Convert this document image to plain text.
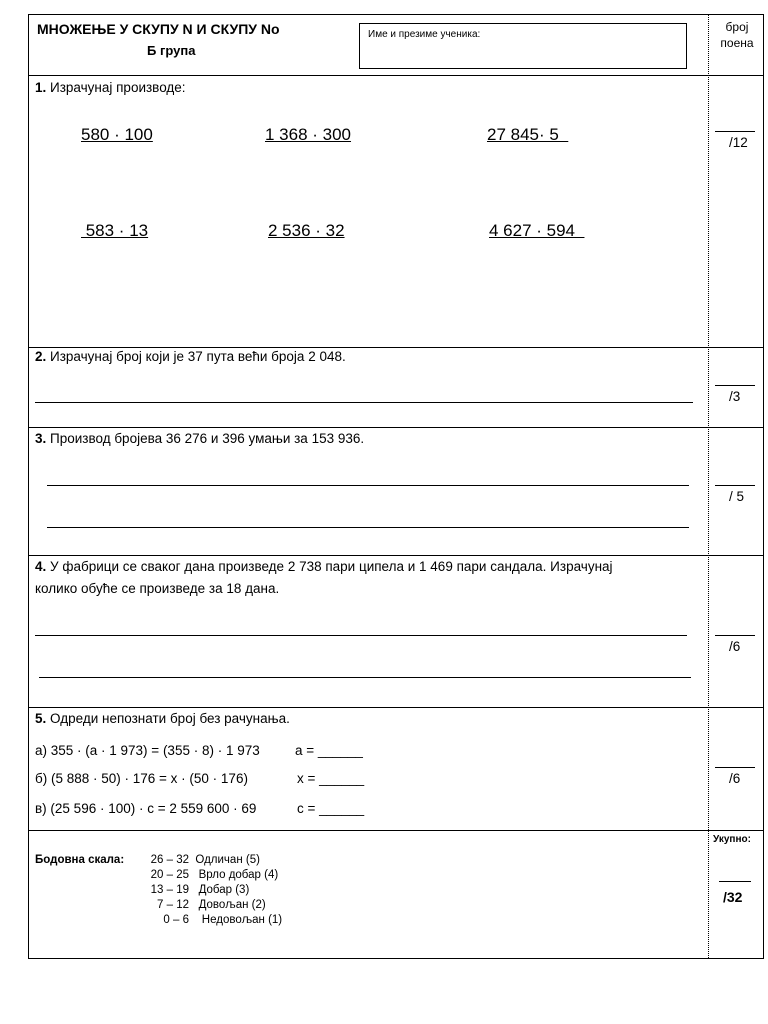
МНОЖЕЊЕ У СКУПУ N И СКУПУ No
Б група
Име и презиме ученика:
број
поена
1. Израчунај производе:
580 · 100	1 368 · 300	27 845· 5
583 · 13	2 536 · 32	4 627 · 594
/12
2. Израчунај број који је 37 пута већи броја 2 048.
/3
3. Производ бројева 36 276 и 396 умањи за 153 936.
/ 5
4. У фабрици се сваког дана произведе 2 738 пари ципела и 1 469 пари сандала. Израчунај
колико обуће се произведе за 18 дана.
/6
5. Одреди непознати број без рачунања.
а) 355 · (а · 1 973) = (355 · 8) · 1 973	а = ______
б) (5 888 · 50) · 176 = x · (50 · 176)	x = ______
в) (25 596 · 100) · c = 2 559 600 · 69	c = ______
/6
Бодовна скала:	26 – 32 Одличан (5)
20 – 25 Врло добар (4)
13 – 19 Добар (3)
7 – 12 Довољан (2)
0 – 6 Недовољан (1)
Укупно:
/32
